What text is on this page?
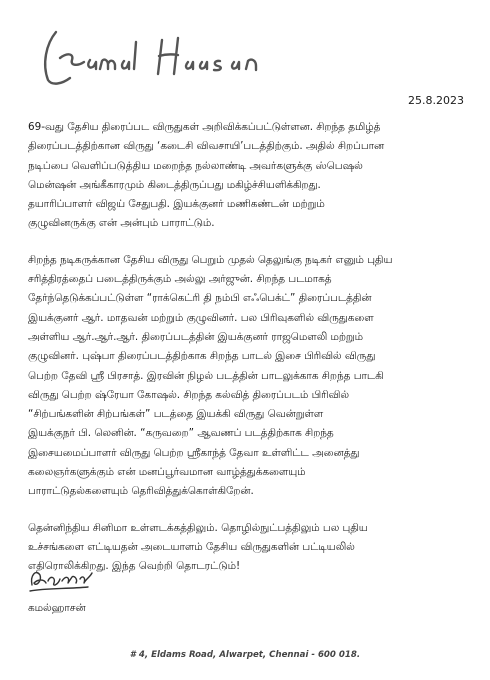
25.8.2023

69-வது தேசிய திரைப்பட விருதுகள் அறிவிக்கப்பட்டுள்ளன. சிறந்த தமிழ்த்
திரைப்படத்திற்கான விருது ‘கடைசி விவசாயி’படத்திற்கும். அதில் சிறப்பான
நடிப்பை வெளிப்படுத்திய மறைந்த நல்லாண்டி அவர்களுக்கு ஸ்பெஷல்
மென்ஷன் அங்கீகாரமும் கிடைத்திருப்பது மகிழ்ச்சியளிக்கிறது.
தயாரிப்பாளர் விஜய் சேதுபதி. இயக்குனர் மணிகண்டன் மற்றும்
குழுவினருக்கு என் அன்பும் பாராட்டும்.

சிறந்த நடிகருக்கான தேசிய விருது பெறும் முதல் தெலுங்கு நடிகர் எனும் புதிய
சரித்திரத்தைப் படைத்திருக்கும் அல்லு அர்ஜுன். சிறந்த படமாகத்
தேர்ந்தெடுக்கப்பட்டுள்ள “ராக்கெட்ரி தி நம்பி எஃபெக்ட்” திரைப்படத்தின்
இயக்குனர் ஆர். மாதவன் மற்றும் குழுவினர். பல பிரிவுகளில் விருதுகளை
அள்ளிய ஆர்.ஆர்.ஆர். திரைப்படத்தின் இயக்குனர் ராஜமௌலி மற்றும்
குழுவினர். புஷ்பா திரைப்படத்திற்காக சிறந்த பாடல் இசை பிரிவில் விருது
பெற்ற தேவி ஸ்ரீ பிரசாத். இரவின் நிழல் படத்தின் பாடலுக்காக சிறந்த பாடகி
விருது பெற்ற ஷ்ரேயா கோஷல். சிறந்த கல்வித் திரைப்படம் பிரிவில்
“சிற்பங்களின் சிற்பங்கள்” படத்தை இயக்கி விருது வென்றுள்ள
இயக்குநர் பி. லெனின். “கருவறை” ஆவணப் படத்திற்காக சிறந்த
இசையமைப்பாளர் விருது பெற்ற ஸ்ரீகாந்த் தேவா உள்ளிட்ட அனைத்து
கலைஞர்களுக்கும் என் மனப்பூர்வமான வாழ்த்துக்களையும்
பாராட்டுதல்களையும் தெரிவித்துக்கொள்கிறேன்.

தென்னிந்திய சினிமா உள்ளடக்கத்திலும். தொழில்நுட்பத்திலும் பல புதிய
உச்சங்களை எட்டியதன் அடையாளம் தேசிய விருதுகளின் பட்டியலில்
எதிரொலிக்கிறது. இந்த வெற்றி தொடரட்டும்!

கமல்ஹாசன்
# 4, Eldams Road, Alwarpet, Chennai - 600 018.
